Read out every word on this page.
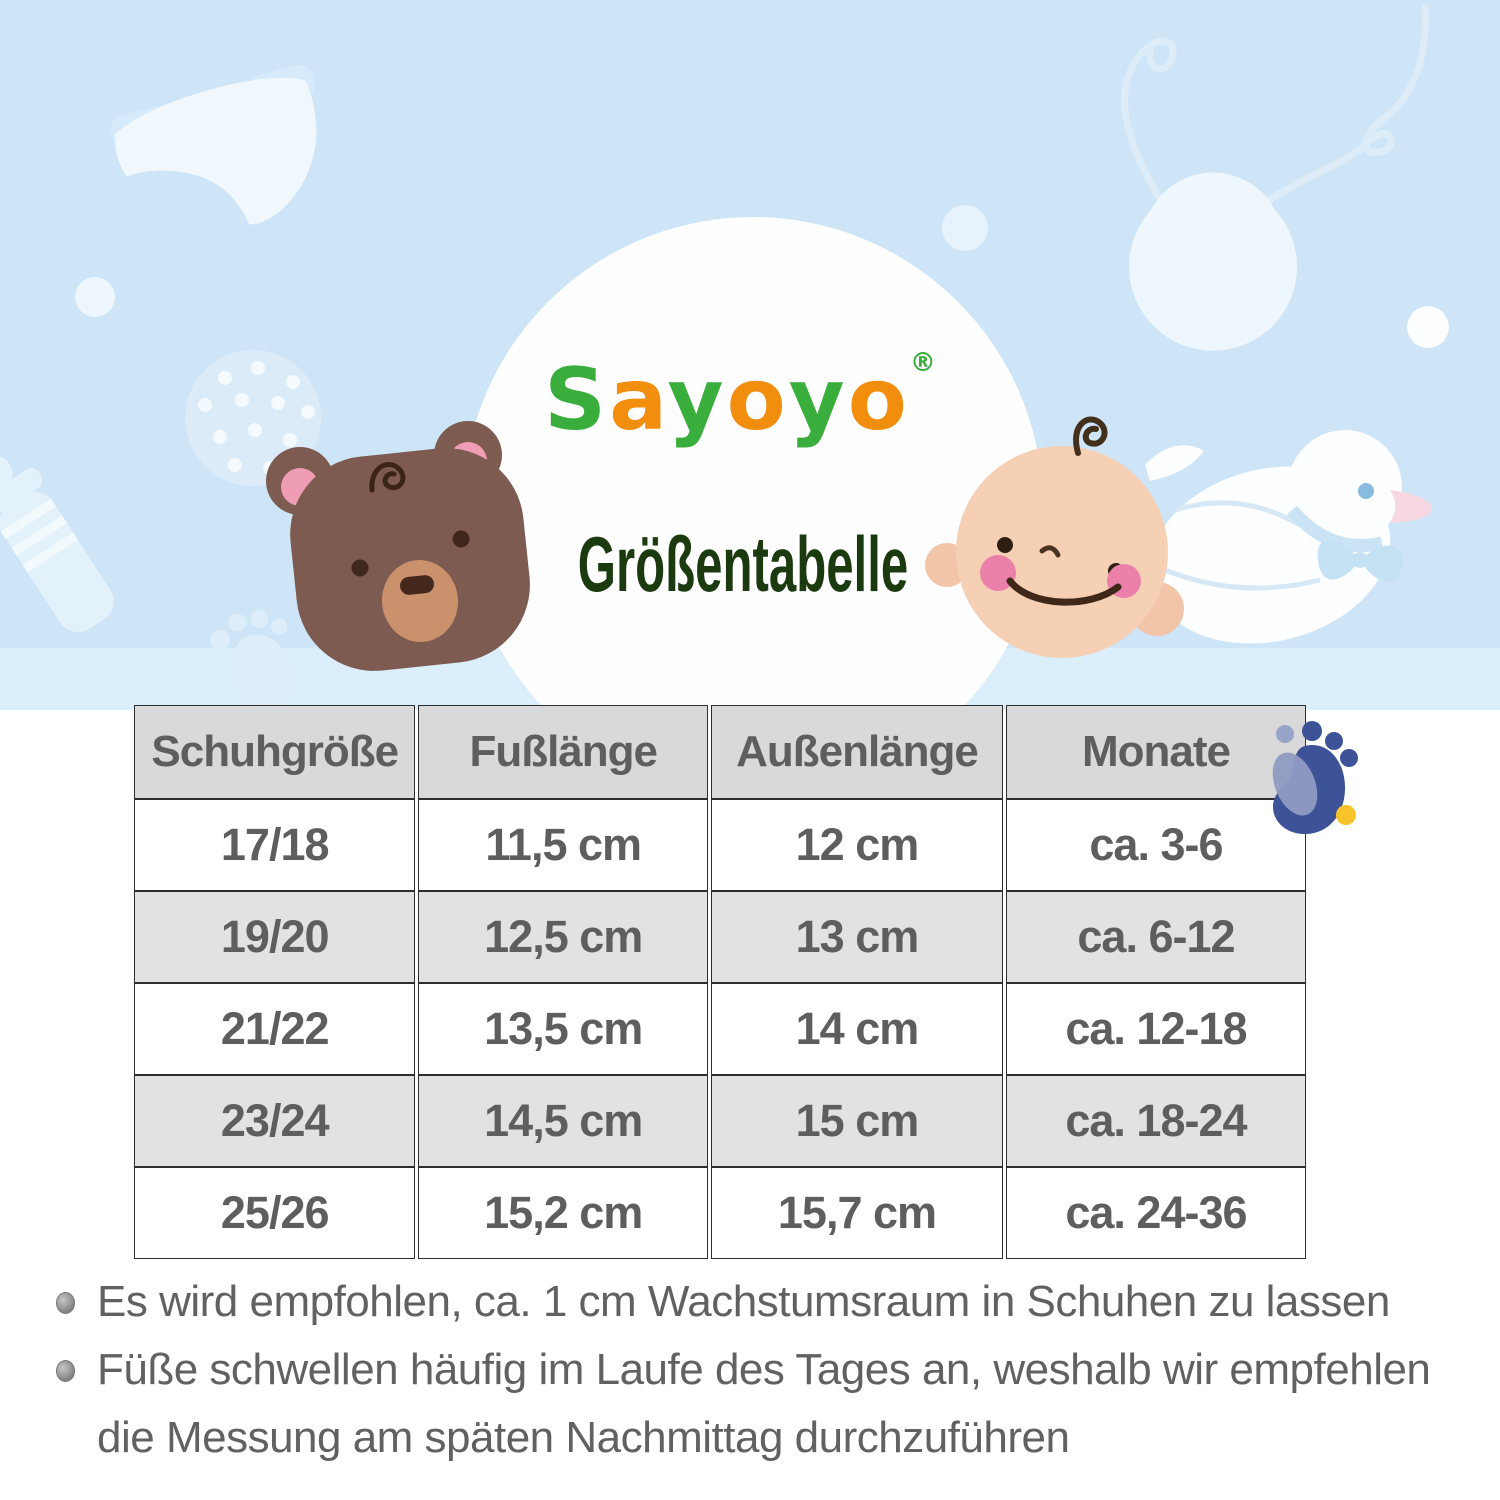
Sayoyo®
Größentabelle
Schuhgröße	Fußlänge	Außenlänge	Monate
17/18	11,5 cm	12 cm	ca. 3-6
19/20	12,5 cm	13 cm	ca. 6-12
21/22	13,5 cm	14 cm	ca. 12-18
23/24	14,5 cm	15 cm	ca. 18-24
25/26	15,2 cm	15,7 cm	ca. 24-36
Es wird empfohlen, ca. 1 cm Wachstumsraum in Schuhen zu lassen
Füße schwellen häufig im Laufe des Tages an, weshalb wir empfehlen
die Messung am späten Nachmittag durchzuführen
